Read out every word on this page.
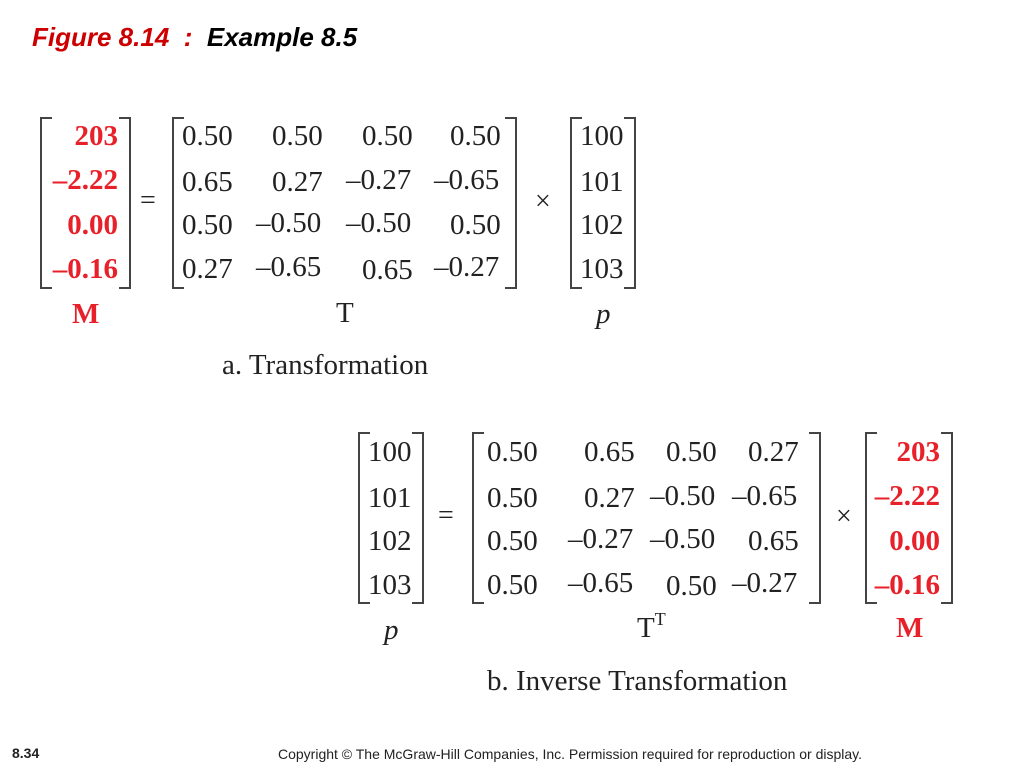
Figure 8.14 : Example 8.5
203
–2.22
0.00
–0.16
=
0.50 0.50 0.50 0.50
0.65 0.27 –0.27 –0.65
0.50 –0.50 –0.50 0.50
0.27 –0.65 0.65 –0.27
×
100
101
102
103
M	T	p
a. Transformation
100
101
102
103
=
0.50 0.65 0.50 0.27
0.50 0.27 –0.50 –0.65
0.50 –0.27 –0.50 0.65
0.50 –0.65 0.50 –0.27
×
203
–2.22
0.00
–0.16
p	$T^T$	M
b. Inverse Transformation
8.34	Copyright © The McGraw-Hill Companies, Inc. Permission required for reproduction or display.
